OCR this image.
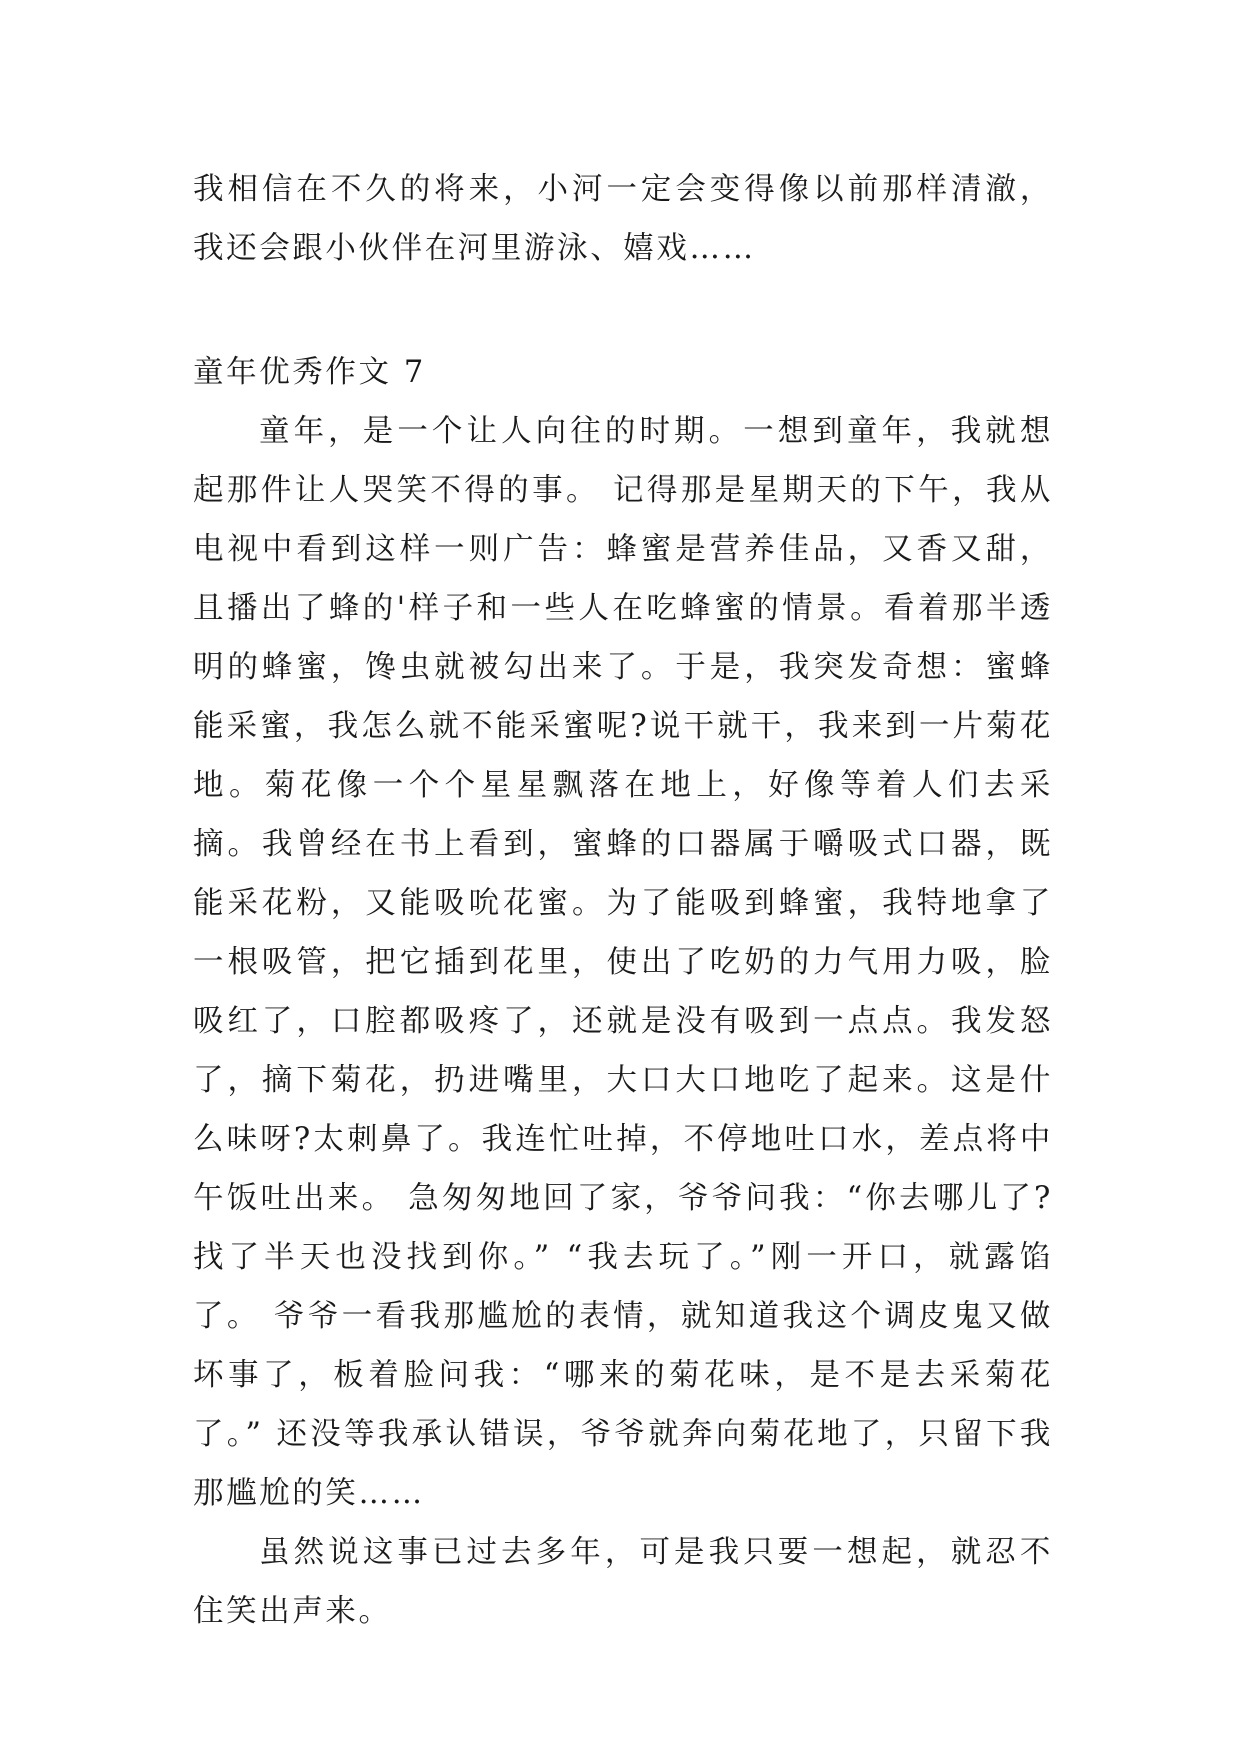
我相信在不久的将来，小河一定会变得像以前那样清澈，我还会跟小伙伴在河里游泳、嬉戏……

童年优秀作文 7

童年，是一个让人向往的时期。一想到童年，我就想起那件让人哭笑不得的事。 记得那是星期天的下午，我从电视中看到这样一则广告：蜂蜜是营养佳品，又香又甜，且播出了蜂的'样子和一些人在吃蜂蜜的情景。看着那半透明的蜂蜜，馋虫就被勾出来了。于是，我突发奇想：蜜蜂能采蜜，我怎么就不能采蜜呢?说干就干，我来到一片菊花地。菊花像一个个星星飘落在地上，好像等着人们去采摘。我曾经在书上看到，蜜蜂的口器属于嚼吸式口器，既能采花粉，又能吸吮花蜜。为了能吸到蜂蜜，我特地拿了一根吸管，把它插到花里，使出了吃奶的力气用力吸，脸吸红了，口腔都吸疼了，还就是没有吸到一点点。我发怒了，摘下菊花，扔进嘴里，大口大口地吃了起来。这是什么味呀?太刺鼻了。我连忙吐掉，不停地吐口水，差点将中午饭吐出来。 急匆匆地回了家，爷爷问我：“你去哪儿了?找了半天也没找到你。” “我去玩了。”刚一开口，就露馅了。 爷爷一看我那尴尬的表情，就知道我这个调皮鬼又做坏事了，板着脸问我：“哪来的菊花味，是不是去采菊花了。” 还没等我承认错误，爷爷就奔向菊花地了，只留下我那尴尬的笑……

虽然说这事已过去多年，可是我只要一想起，就忍不住笑出声来。
